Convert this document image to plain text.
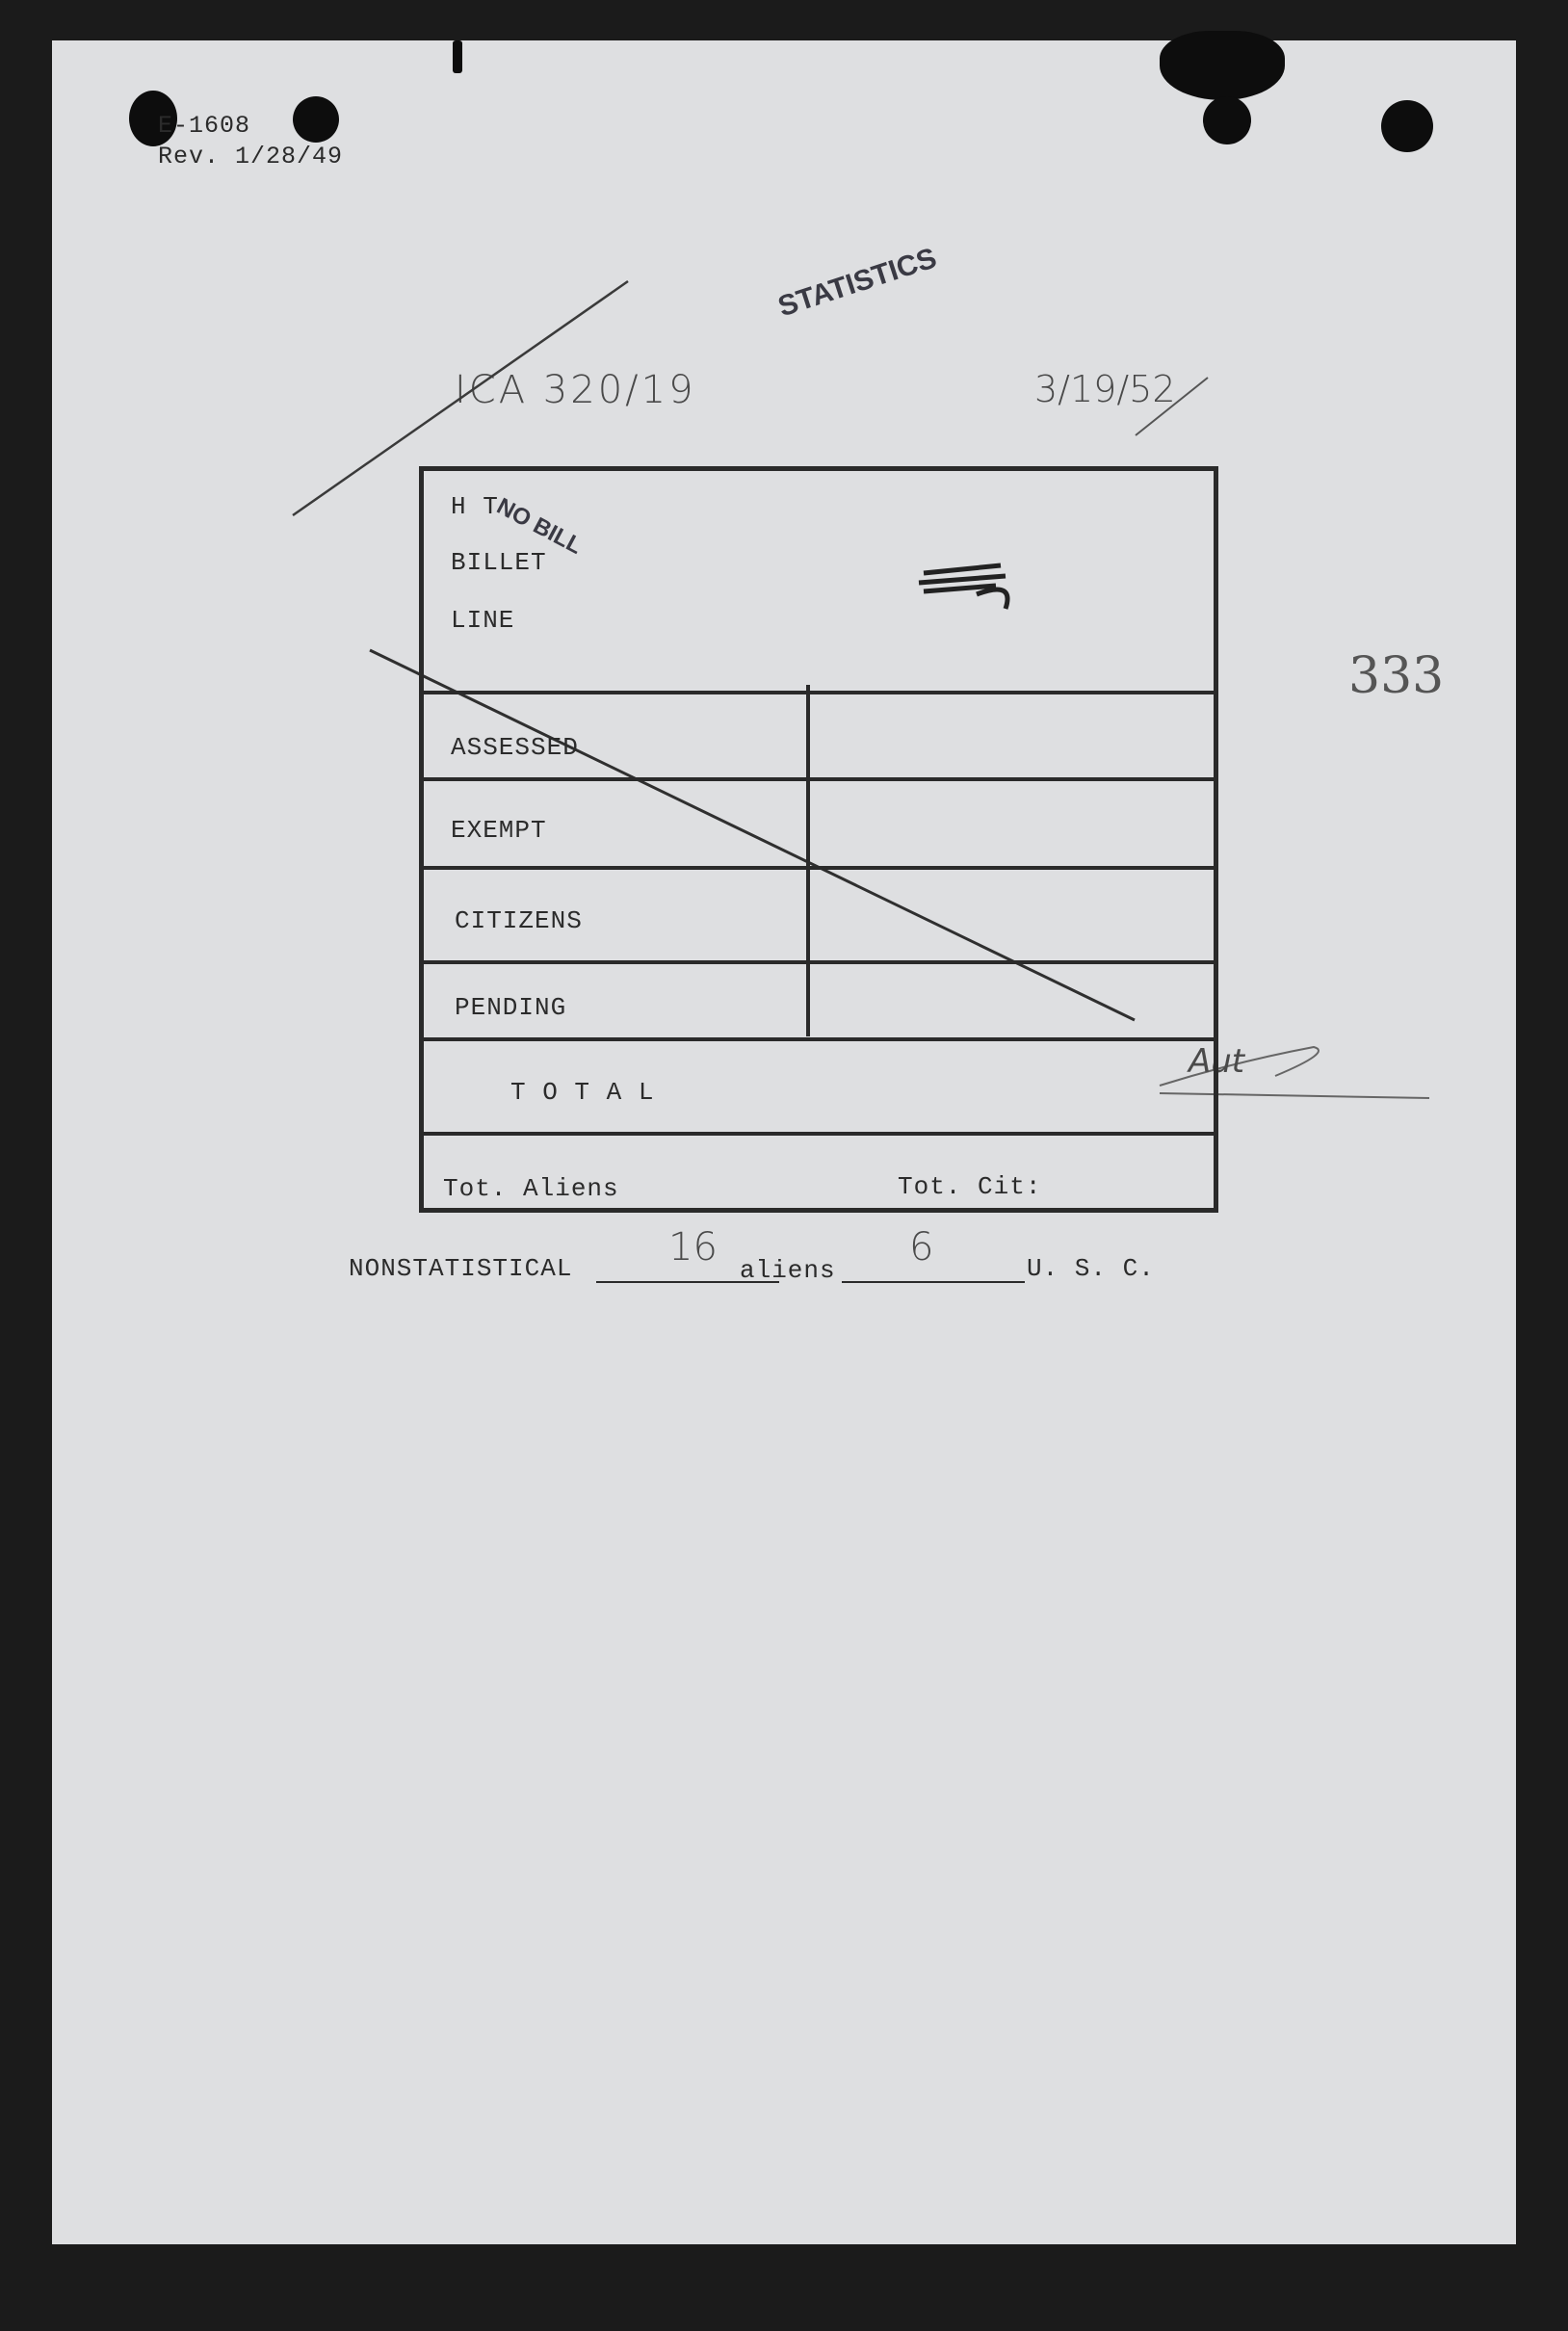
E-1608
Rev. 1/28/49
STATISTICS
ICA 320/19	3/19/52
333
NO BILL
Aut
H T
BILLET
LINE
ASSESSED
EXEMPT
CITIZENS
PENDING
T O T A L
Tot. Aliens	Tot. Cit:
NONSTATISTICAL 16
aliens
6	U. S. C.
